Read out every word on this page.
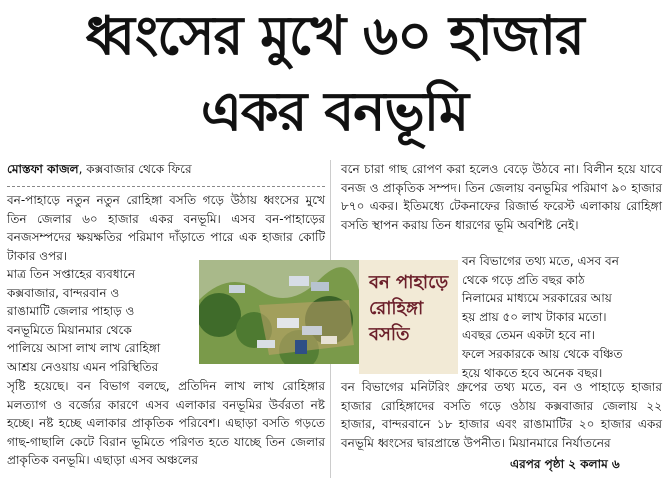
ধ্বংসের মুখে ৬০ হাজার
একর বনভূমি
মোস্তফা কাজল, কক্সবাজার থেকে ফিরে

বন-পাহাড়ে নতুন নতুন রোহিঙ্গা বসতি গড়ে উঠায় ধ্বংসের মুখে তিন জেলার ৬০ হাজার একর বনভূমি। এসব বন-পাহাড়ের বনজসম্পদের ক্ষয়ক্ষতির পরিমাণ দাঁড়াতে পারে এক হাজার কোটি টাকার ওপর।

মাত্র তিন সপ্তাহের ব্যবধানে

কক্সবাজার, বান্দরবান ও

রাঙামাটি জেলার পাহাড় ও

বনভূমিতে মিয়ানমার থেকে

পালিয়ে আসা লাখ লাখ রোহিঙ্গা

আশ্রয় নেওয়ায় এমন পরিস্থিতির

সৃষ্টি হয়েছে। বন বিভাগ বলছে, প্রতিদিন লাখ লাখ রোহিঙ্গার মলত্যাগ ও বর্জ্যের কারণে এসব এলাকার বনভূমির উর্বরতা নষ্ট হচ্ছে। নষ্ট হচ্ছে এলাকার প্রাকৃতিক পরিবেশ। এছাড়া বসতি গড়তে গাছ-গাছালি কেটে বিরান ভূমিতে পরিণত হতে যাচ্ছে তিন জেলার প্রাকৃতিক বনভূমি। এছাড়া এসব অঞ্চলের

বনে চারা গাছ রোপণ করা হলেও বেড়ে উঠবে না। বিলীন হয়ে যাবে বনজ ও প্রাকৃতিক সম্পদ। তিন জেলায় বনভূমির পরিমাণ ৯০ হাজার ৮৭০ একর। ইতিমধ্যে টেকনাফের রিজার্ভ ফরেস্ট এলাকায় রোহিঙ্গা বসতি স্থাপন করায় তিন ধারণের ভূমি অবশিষ্ট নেই।

বন বিভাগের তথ্য মতে, এসব বন

থেকে গড়ে প্রতি বছর কাঠ

নিলামের মাধ্যমে সরকারের আয়

হয় প্রায় ৫০ লাখ টাকার মতো।

এবছর তেমন একটা হবে না।

ফলে সরকারকে আয় থেকে বঞ্চিত

হয়ে থাকতে হবে অনেক বছর।

বন বিভাগের মনিটরিং গ্রুপের তথ্য মতে, বন ও পাহাড়ে হাজার হাজার রোহিঙ্গাদের বসতি গড়ে ওঠায় কক্সবাজার জেলায় ২২ হাজার, বান্দরবানে ১৮ হাজার এবং রাঙামাটির ২০ হাজার একর বনভূমি ধ্বংসের দ্বারপ্রান্তে উপনীত। মিয়ানমারে নির্যাতনের

বন পাহাড়ে
রোহিঙ্গা
বসতি
এরপর পৃষ্ঠা ২ কলাম ৬
